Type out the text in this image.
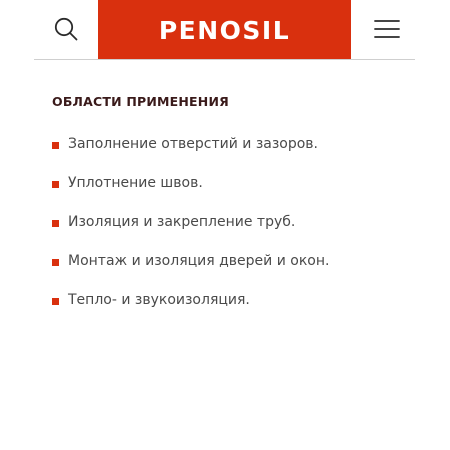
PENOSIL
ОБЛАСТИ ПРИМЕНЕНИЯ
Заполнение отверстий и зазоров.
Уплотнение швов.
Изоляция и закрепление труб.
Монтаж и изоляция дверей и окон.
Тепло- и звукоизоляция.
